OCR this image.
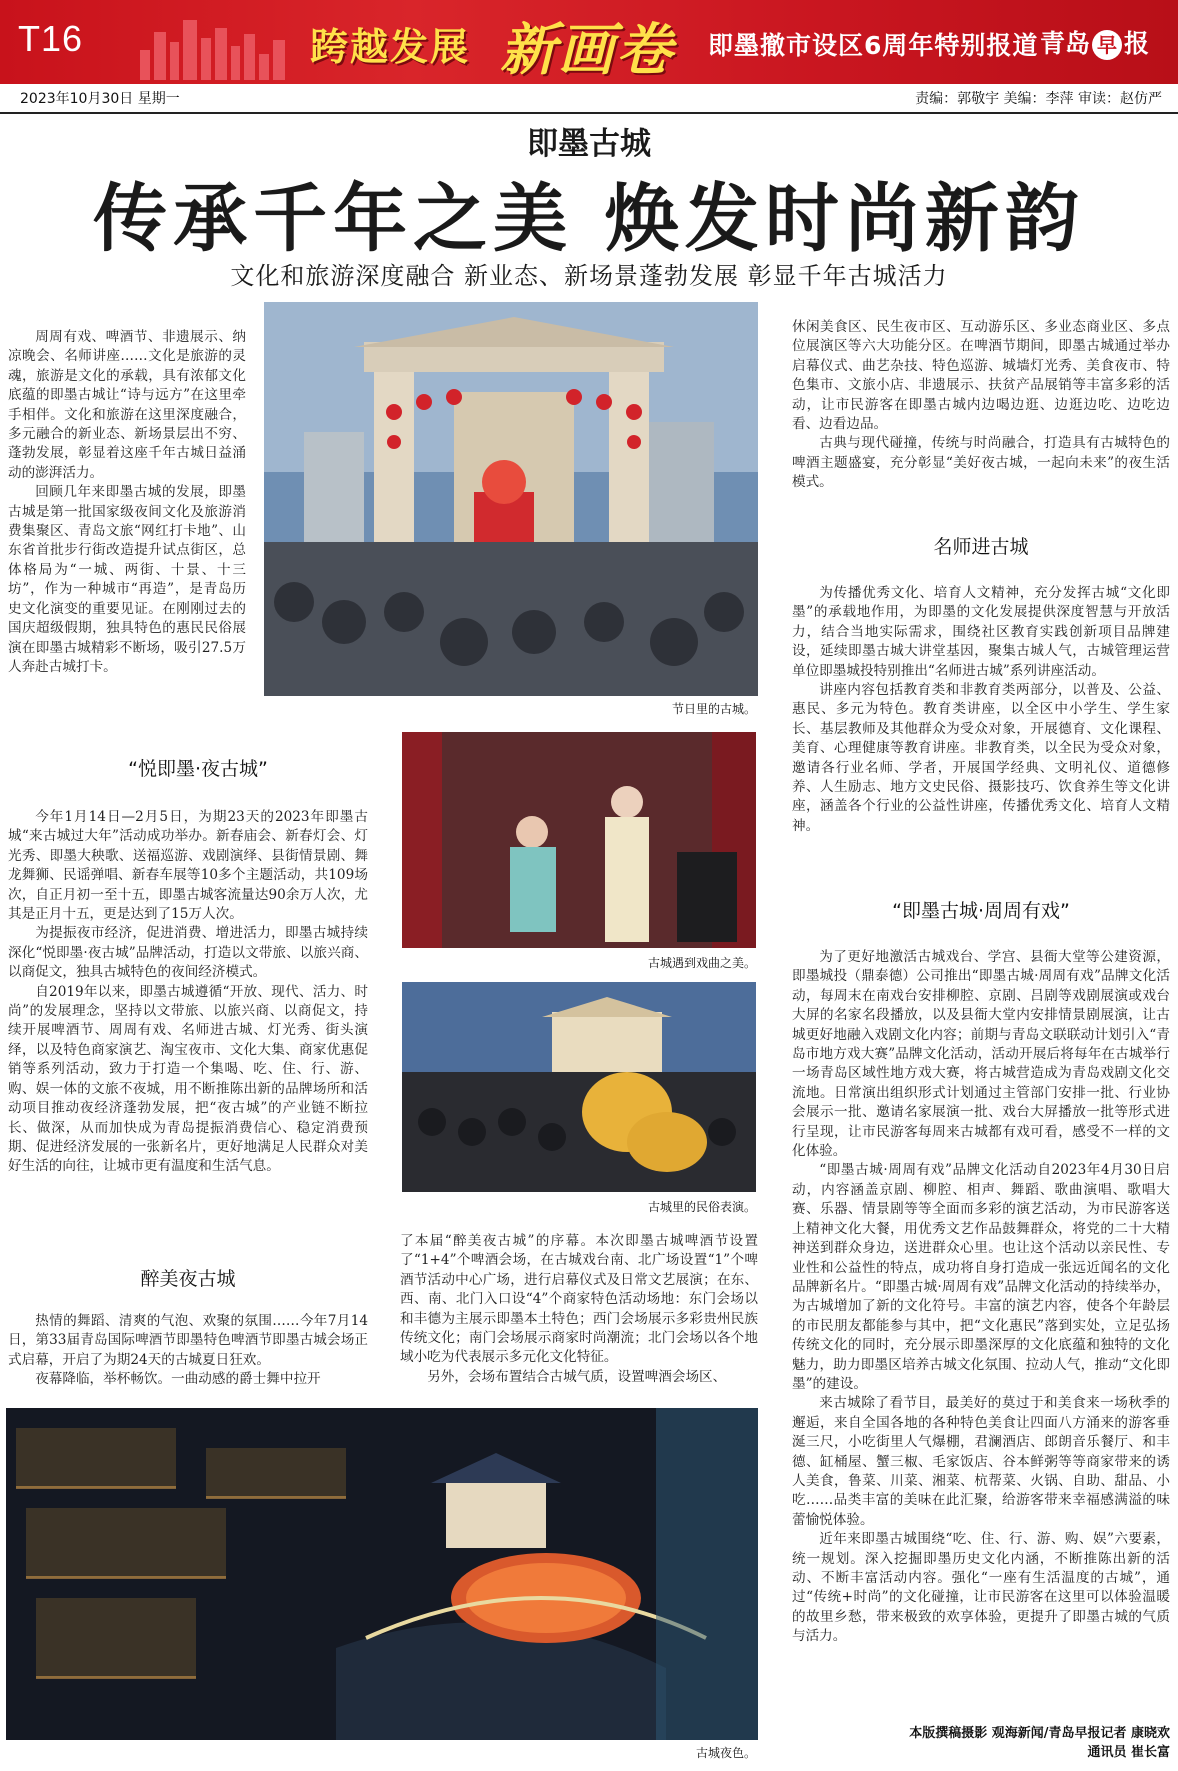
T16	跨越发展 新画卷 即墨撤市设区6周年特别报道 青岛 早 报
2023年10月30日 星期一	责编：郭敬宇 美编：李萍 审读：赵仿严
即墨古城
传承千年之美 焕发时尚新韵
文化和旅游深度融合 新业态、新场景蓬勃发展 彰显千年古城活力

周周有戏、啤酒节、非遗展示、纳凉晚会、名师讲座……文化是旅游的灵魂，旅游是文化的承载，具有浓郁文化底蕴的即墨古城让“诗与远方”在这里牵手相伴。文化和旅游在这里深度融合，多元融合的新业态、新场景层出不穷、蓬勃发展，彰显着这座千年古城日益涌动的澎湃活力。

回顾几年来即墨古城的发展，即墨古城是第一批国家级夜间文化及旅游消费集聚区、青岛文旅“网红打卡地”、山东省首批步行街改造提升试点街区，总体格局为“一城、两街、十景、十三坊”，作为一种城市“再造”，是青岛历史文化演变的重要见证。在刚刚过去的国庆超级假期，独具特色的惠民民俗展演在即墨古城精彩不断场，吸引27.5万人奔赴古城打卡。

“悦即墨·夜古城”

今年1月14日—2月5日，为期23天的2023年即墨古城“来古城过大年”活动成功举办。新春庙会、新春灯会、灯光秀、即墨大秧歌、送福巡游、戏剧演绎、县街情景剧、舞龙舞狮、民谣弹唱、新春车展等10多个主题活动，共109场次，自正月初一至十五，即墨古城客流量达90余万人次，尤其是正月十五，更是达到了15万人次。

为提振夜市经济，促进消费、增进活力，即墨古城持续深化“悦即墨·夜古城”品牌活动，打造以文带旅、以旅兴商、以商促文，独具古城特色的夜间经济模式。

自2019年以来，即墨古城遵循“开放、现代、活力、时尚”的发展理念，坚持以文带旅、以旅兴商、以商促文，持续开展啤酒节、周周有戏、名师进古城、灯光秀、街头演绎，以及特色商家演艺、淘宝夜市、文化大集、商家优惠促销等系列活动，致力于打造一个集喝、吃、住、行、游、购、娱一体的文旅不夜城，用不断推陈出新的品牌场所和活动项目推动夜经济蓬勃发展，把“夜古城”的产业链不断拉长、做深，从而加快成为青岛提振消费信心、稳定消费预期、促进经济发展的一张新名片，更好地满足人民群众对美好生活的向往，让城市更有温度和生活气息。

醉美夜古城

热情的舞蹈、清爽的气泡、欢聚的氛围……今年7月14日，第33届青岛国际啤酒节即墨特色啤酒节即墨古城会场正式启幕，开启了为期24天的古城夏日狂欢。

夜幕降临，举杯畅饮。一曲动感的爵士舞中拉开

节日里的古城。
古城遇到戏曲之美。
古城里的民俗表演。

了本届“醉美夜古城”的序幕。本次即墨古城啤酒节设置了“1+4”个啤酒会场，在古城戏台南、北广场设置“1”个啤酒节活动中心广场，进行启幕仪式及日常文艺展演；在东、西、南、北门入口设“4”个商家特色活动场地：东门会场以和丰德为主展示即墨本土特色；西门会场展示多彩贵州民族传统文化；南门会场展示商家时尚潮流；北门会场以各个地域小吃为代表展示多元化文化特征。

另外，会场布置结合古城气质，设置啤酒会场区、

古城夜色。

休闲美食区、民生夜市区、互动游乐区、多业态商业区、多点位展演区等六大功能分区。在啤酒节期间，即墨古城通过举办启幕仪式、曲艺杂技、特色巡游、城墙灯光秀、美食夜市、特色集市、文旅小店、非遗展示、扶贫产品展销等丰富多彩的活动，让市民游客在即墨古城内边喝边逛、边逛边吃、边吃边看、边看边品。

古典与现代碰撞，传统与时尚融合，打造具有古城特色的啤酒主题盛宴，充分彰显“美好夜古城，一起向未来”的夜生活模式。

名师进古城

为传播优秀文化、培育人文精神，充分发挥古城“文化即墨”的承载地作用，为即墨的文化发展提供深度智慧与开放活力，结合当地实际需求，围绕社区教育实践创新项目品牌建设，延续即墨古城大讲堂基因，聚集古城人气，古城管理运营单位即墨城投特别推出“名师进古城”系列讲座活动。

讲座内容包括教育类和非教育类两部分，以普及、公益、惠民、多元为特色。教育类讲座，以全区中小学生、学生家长、基层教师及其他群众为受众对象，开展德育、文化课程、美育、心理健康等教育讲座。非教育类，以全民为受众对象，邀请各行业名师、学者，开展国学经典、文明礼仪、道德修养、人生励志、地方文史民俗、摄影技巧、饮食养生等文化讲座，涵盖各个行业的公益性讲座，传播优秀文化、培育人文精神。

“即墨古城·周周有戏”

为了更好地激活古城戏台、学宫、县衙大堂等公建资源，即墨城投（鼎泰德）公司推出“即墨古城·周周有戏”品牌文化活动，每周末在南戏台安排柳腔、京剧、吕剧等戏剧展演或戏台大屏的名家名段播放，以及县衙大堂内安排情景剧展演，让古城更好地融入戏剧文化内容；前期与青岛文联联动计划引入“青岛市地方戏大赛”品牌文化活动，活动开展后将每年在古城举行一场青岛区域性地方戏大赛，将古城营造成为青岛戏剧文化交流地。日常演出组织形式计划通过主管部门安排一批、行业协会展示一批、邀请名家展演一批、戏台大屏播放一批等形式进行呈现，让市民游客每周来古城都有戏可看，感受不一样的文化体验。

“即墨古城·周周有戏”品牌文化活动自2023年4月30日启动，内容涵盖京剧、柳腔、相声、舞蹈、歌曲演唱、歌唱大赛、乐器、情景剧等等全面而多彩的演艺活动，为市民游客送上精神文化大餐，用优秀文艺作品鼓舞群众，将党的二十大精神送到群众身边，送进群众心里。也让这个活动以亲民性、专业性和公益性的特点，成功将自身打造成一张远近闻名的文化品牌新名片。“即墨古城·周周有戏”品牌文化活动的持续举办，为古城增加了新的文化符号。丰富的演艺内容，使各个年龄层的市民朋友都能参与其中，把“文化惠民”落到实处，立足弘扬传统文化的同时，充分展示即墨深厚的文化底蕴和独特的文化魅力，助力即墨区培养古城文化氛围、拉动人气，推动“文化即墨”的建设。

来古城除了看节目，最美好的莫过于和美食来一场秋季的邂逅，来自全国各地的各种特色美食让四面八方涌来的游客垂涎三尺，小吃街里人气爆棚，君澜酒店、郎朗音乐餐厅、和丰德、缸桶屋、蟹三椒、毛家饭店、谷本鲜粥等等商家带来的诱人美食，鲁菜、川菜、湘菜、杭帮菜、火锅、自助、甜品、小吃……品类丰富的美味在此汇聚，给游客带来幸福感满溢的味蕾愉悦体验。

近年来即墨古城围绕“吃、住、行、游、购、娱”六要素，统一规划。深入挖掘即墨历史文化内涵，不断推陈出新的活动、不断丰富活动内容。强化“一座有生活温度的古城”，通过“传统+时尚”的文化碰撞，让市民游客在这里可以体验温暖的故里乡愁，带来极致的欢享体验，更提升了即墨古城的气质与活力。

本版撰稿摄影 观海新闻/青岛早报记者 康晓欢
通讯员 崔长富
